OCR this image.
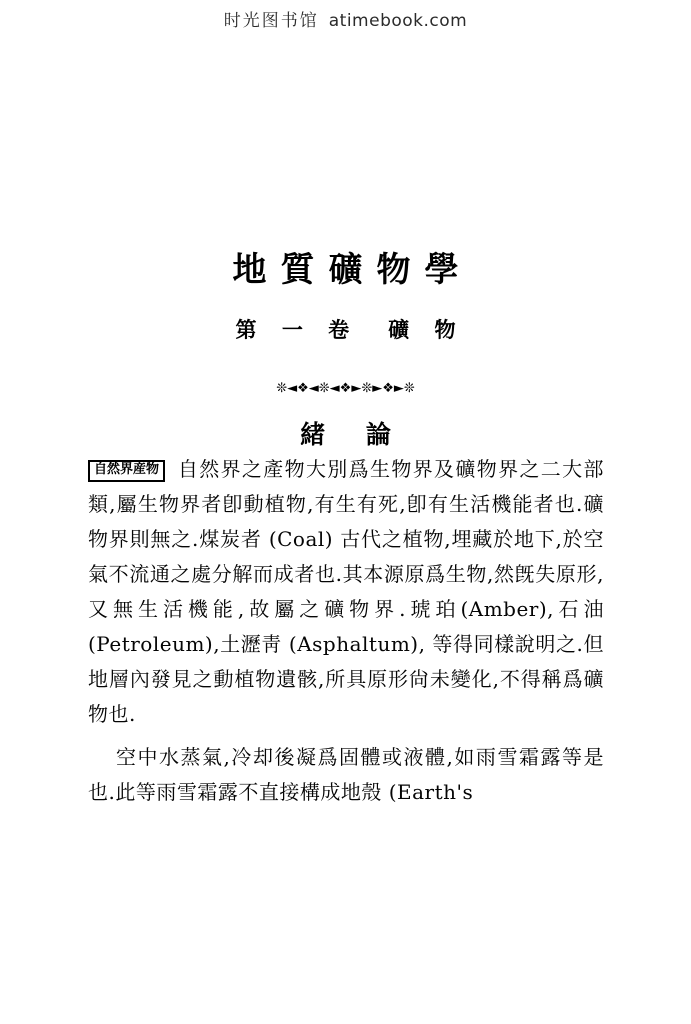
时光图书馆 atimebook.com
地質礦物學
第 一 卷 礦 物
❊◄❖◄❊◄❖►❊►❖►❊
緒 論

自然界産物 自然界之產物大別爲生物界及礦物界之二大部類,屬生物界者卽動植物,有生有死,卽有生活機能者也.礦物界則無之.煤炭者 (Coal) 古代之植物,埋藏於地下,於空氣不流通之處分解而成者也.其本源原爲生物,然旣失原形,又無生活機能,故屬之礦物界.琥珀(Amber),石油(Petroleum),土瀝靑 (Asphaltum), 等得同樣說明之.但地層內發見之動植物遺骸,所具原形尙未變化,不得稱爲礦物也.

空中水蒸氣,冷却後凝爲固體或液體,如雨雪霜露等是也.此等雨雪霜露不直接構成地殼 (Earth's
